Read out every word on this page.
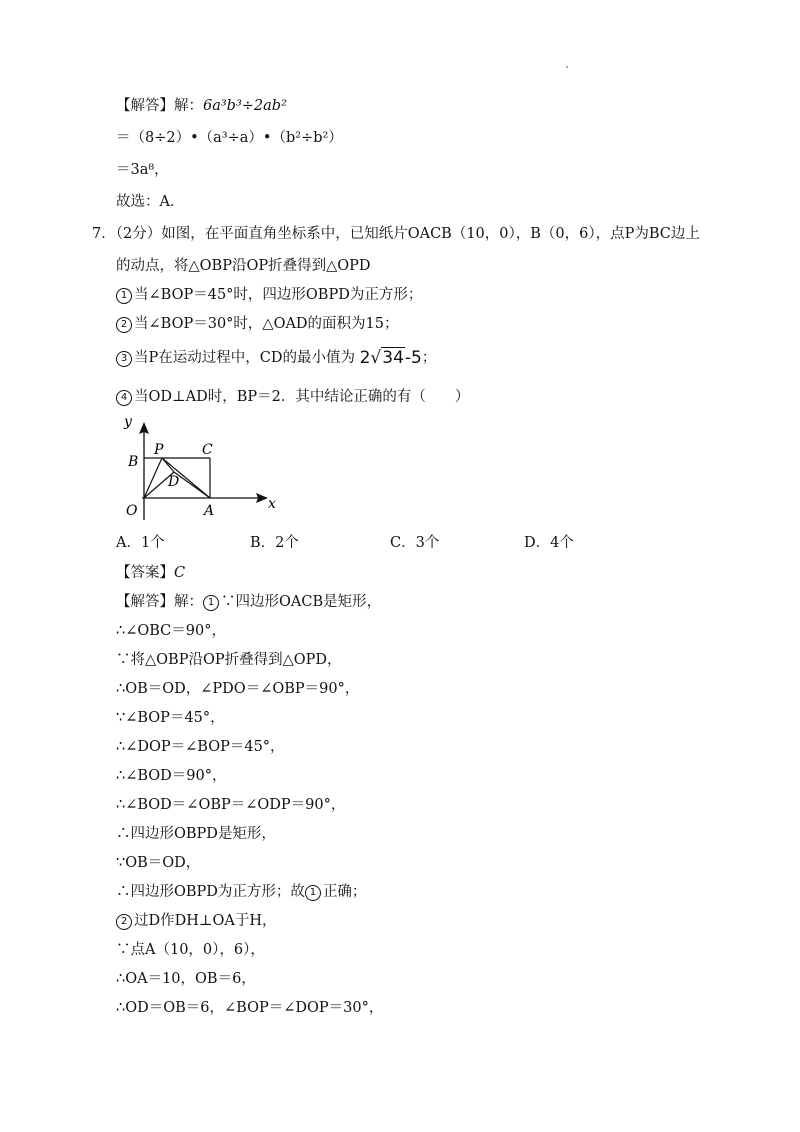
【解答】解：6a³b³÷2ab²
＝（8÷2）•（a³÷a）•（b²÷b²）
＝3a⁸，
故选：A．
7．（2分）如图，在平面直角坐标系中，已知纸片OACB（10，0），B（0，6），点P为BC边上
的动点，将△OBP沿OP折叠得到△OPD
1 当∠BOP＝45°时，四边形OBPD为正方形；
2 当∠BOP＝30°时，△OAD的面积为15；
3 当P在运动过程中，CD的最小值为 2√34-5；
4 当OD⊥AD时，BP＝2．其中结论正确的有（　　）
y
x
O	A
B
C
P
D
A．1个	B．2个	C．3个	D．4个
【答案】C
【解答】解： 1 ∵四边形OACB是矩形，
∴∠OBC＝90°，
∵将△OBP沿OP折叠得到△OPD，
∴OB＝OD，∠PDO＝∠OBP＝90°，
∵∠BOP＝45°，
∴∠DOP＝∠BOP＝45°，
∴∠BOD＝90°，
∴∠BOD＝∠OBP＝∠ODP＝90°，
∴四边形OBPD是矩形，
∵OB＝OD，
∴四边形OBPD为正方形；故 1 正确；
2 过D作DH⊥OA于H，
∵点A（10，0），6），
∴OA＝10，OB＝6，
∴OD＝OB＝6，∠BOP＝∠DOP＝30°，
